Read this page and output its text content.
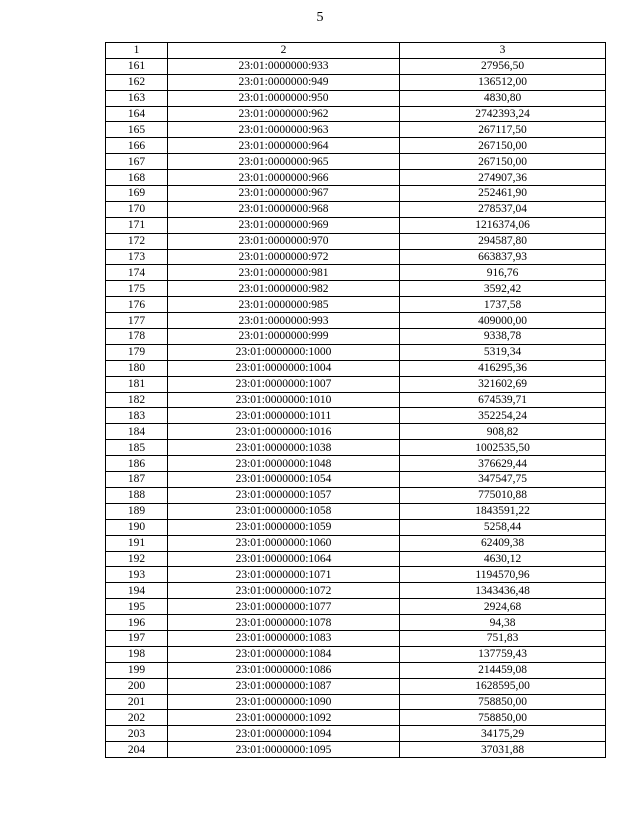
5
1	2	3
161	23:01:0000000:933	27956,50
162	23:01:0000000:949	136512,00
163	23:01:0000000:950	4830,80
164	23:01:0000000:962	2742393,24
165	23:01:0000000:963	267117,50
166	23:01:0000000:964	267150,00
167	23:01:0000000:965	267150,00
168	23:01:0000000:966	274907,36
169	23:01:0000000:967	252461,90
170	23:01:0000000:968	278537,04
171	23:01:0000000:969	1216374,06
172	23:01:0000000:970	294587,80
173	23:01:0000000:972	663837,93
174	23:01:0000000:981	916,76
175	23:01:0000000:982	3592,42
176	23:01:0000000:985	1737,58
177	23:01:0000000:993	409000,00
178	23:01:0000000:999	9338,78
179	23:01:0000000:1000	5319,34
180	23:01:0000000:1004	416295,36
181	23:01:0000000:1007	321602,69
182	23:01:0000000:1010	674539,71
183	23:01:0000000:1011	352254,24
184	23:01:0000000:1016	908,82
185	23:01:0000000:1038	1002535,50
186	23:01:0000000:1048	376629,44
187	23:01:0000000:1054	347547,75
188	23:01:0000000:1057	775010,88
189	23:01:0000000:1058	1843591,22
190	23:01:0000000:1059	5258,44
191	23:01:0000000:1060	62409,38
192	23:01:0000000:1064	4630,12
193	23:01:0000000:1071	1194570,96
194	23:01:0000000:1072	1343436,48
195	23:01:0000000:1077	2924,68
196	23:01:0000000:1078	94,38
197	23:01:0000000:1083	751,83
198	23:01:0000000:1084	137759,43
199	23:01:0000000:1086	214459,08
200	23:01:0000000:1087	1628595,00
201	23:01:0000000:1090	758850,00
202	23:01:0000000:1092	758850,00
203	23:01:0000000:1094	34175,29
204	23:01:0000000:1095	37031,88
